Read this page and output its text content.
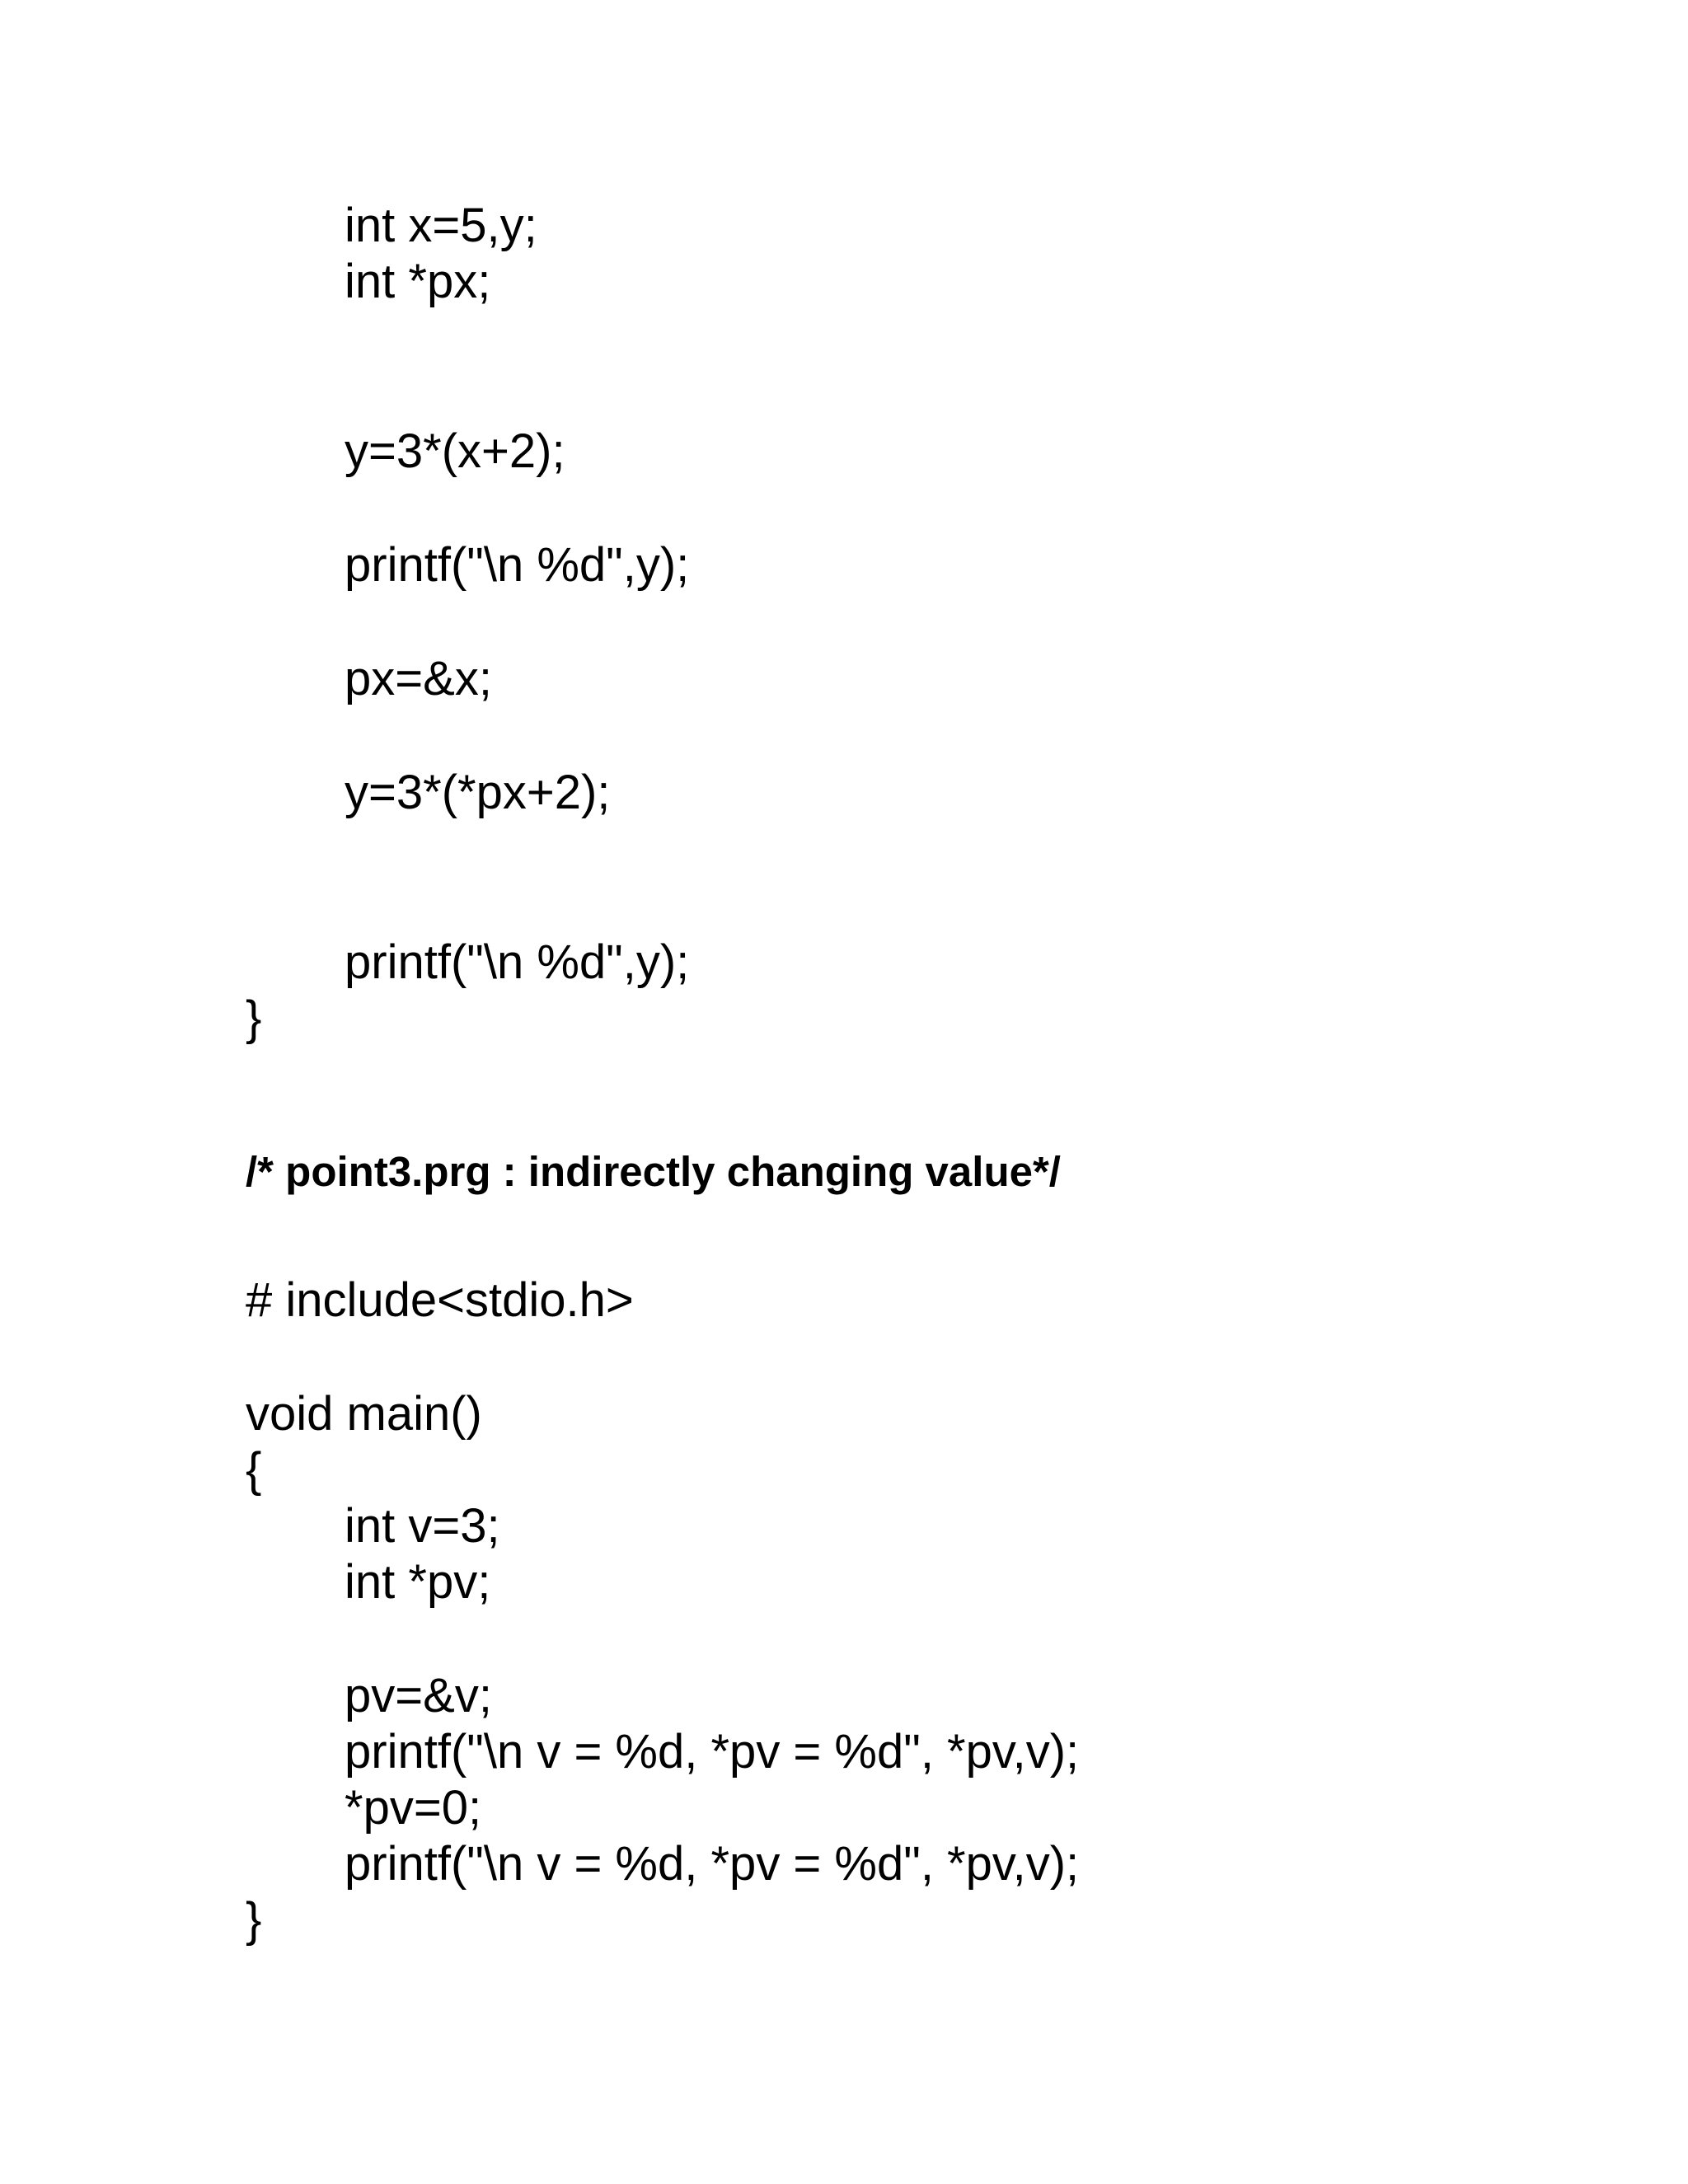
int x=5,y;

int *px;

y=3*(x+2);

printf("\n %d",y);

px=&x;

y=3*(*px+2);

printf("\n %d",y);

}

/* point3.prg : indirectly changing value*/

# include<stdio.h>

void main()

{

int v=3;

int *pv;

pv=&v;

printf("\n v = %d, *pv = %d", *pv,v);

*pv=0;

printf("\n v = %d, *pv = %d", *pv,v);

}
